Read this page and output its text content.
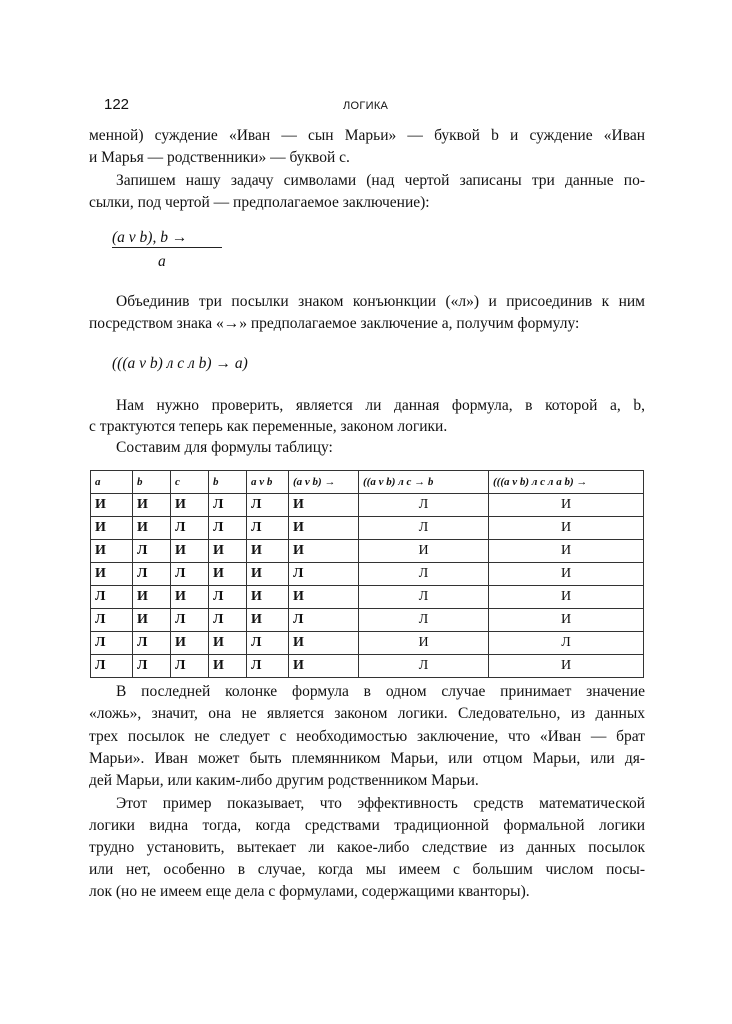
122	ЛОГИКА
менной) суждение «Иван — сын Марьи» — буквой b и суждение «Иван
и Марья — родственники» — буквой c.
Запишем нашу задачу символами (над чертой записаны три данные по-
сылки, под чертой — предполагаемое заключение):
(a v b), b →
a
Объединив три посылки знаком конъюнкции («л») и присоединив к ним
посредством знака «→» предполагаемое заключение a, получим формулу:
(((a v b) л c л b) → a)
Нам нужно проверить, является ли данная формула, в которой a, b,
c трактуются теперь как переменные, законом логики.
Составим для формулы таблицу:
a	b	c	b	a v b	(a v b) →	((a v b) л c → b	(((a v b) л c л a b) →
И	И	И	Л	Л	И	Л	И
И	И	Л	Л	Л	И	Л	И
И	Л	И	И	И	И	И	И
И	Л	Л	И	И	Л	Л	И
Л	И	И	Л	И	И	Л	И
Л	И	Л	Л	И	Л	Л	И
Л	Л	И	И	Л	И	И	Л
Л	Л	Л	И	Л	И	Л	И
В последней колонке формула в одном случае принимает значение
«ложь», значит, она не является законом логики. Следовательно, из данных
трех посылок не следует с необходимостью заключение, что «Иван — брат
Марьи». Иван может быть племянником Марьи, или отцом Марьи, или дя-
дей Марьи, или каким-либо другим родственником Марьи.
Этот пример показывает, что эффективность средств математической
логики видна тогда, когда средствами традиционной формальной логики
трудно установить, вытекает ли какое-либо следствие из данных посылок
или нет, особенно в случае, когда мы имеем с большим числом посы-
лок (но не имеем еще дела с формулами, содержащими кванторы).
